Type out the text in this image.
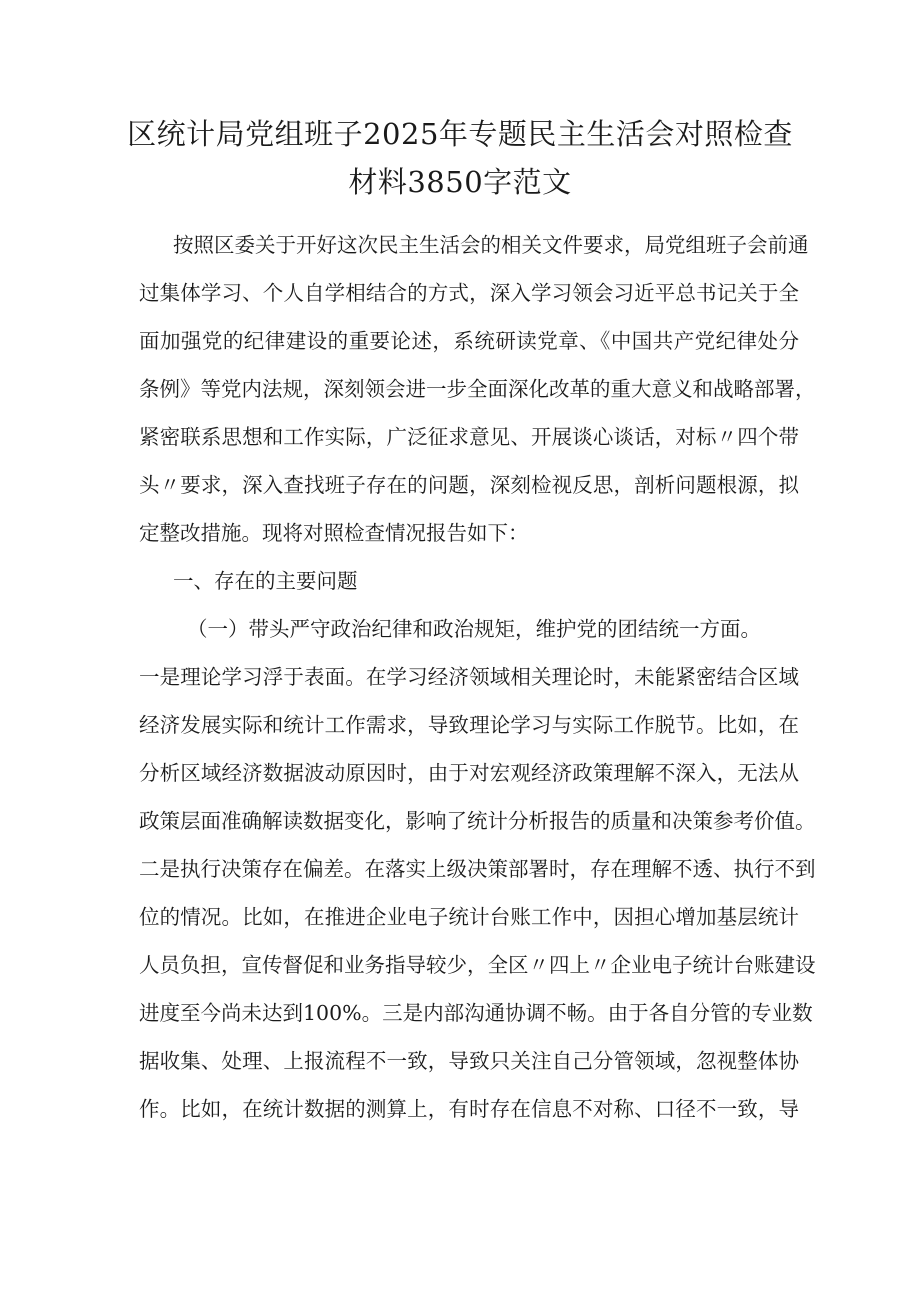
区统计局党组班子2025年专题民主生活会对照检查
材料3850字范文

按照区委关于开好这次民主生活会的相关文件要求，局党组班子会前通

过集体学习、个人自学相结合的方式，深入学习领会习近平总书记关于全

面加强党的纪律建设的重要论述，系统研读党章、《中国共产党纪律处分

条例》等党内法规，深刻领会进一步全面深化改革的重大意义和战略部署，

紧密联系思想和工作实际，广泛征求意见、开展谈心谈话，对标〃四个带

头〃要求，深入查找班子存在的问题，深刻检视反思，剖析问题根源，拟

定整改措施。现将对照检查情况报告如下：

一、存在的主要问题

（一）带头严守政治纪律和政治规矩，维护党的团结统一方面。

一是理论学习浮于表面。在学习经济领域相关理论时，未能紧密结合区域

经济发展实际和统计工作需求，导致理论学习与实际工作脱节。比如，在

分析区域经济数据波动原因时，由于对宏观经济政策理解不深入，无法从

政策层面准确解读数据变化，影响了统计分析报告的质量和决策参考价值。

二是执行决策存在偏差。在落实上级决策部署时，存在理解不透、执行不到

位的情况。比如，在推进企业电子统计台账工作中，因担心增加基层统计

人员负担，宣传督促和业务指导较少，全区〃四上〃企业电子统计台账建设

进度至今尚未达到100%。三是内部沟通协调不畅。由于各自分管的专业数

据收集、处理、上报流程不一致，导致只关注自己分管领域，忽视整体协

作。比如，在统计数据的测算上，有时存在信息不对称、口径不一致，导
